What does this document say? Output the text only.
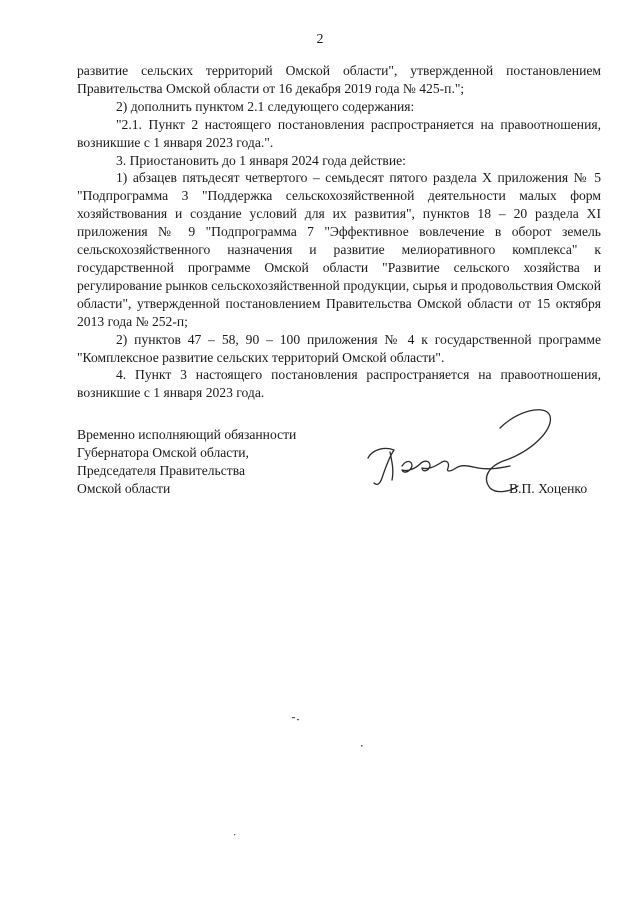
2

развитие сельских территорий Омской области", утвержденной постановлением Правительства Омской области от 16 декабря 2019 года № 425-п.";

2) дополнить пунктом 2.1 следующего содержания:

"2.1. Пункт 2 настоящего постановления распространяется на правоотношения, возникшие с 1 января 2023 года.".

3. Приостановить до 1 января 2024 года действие:

1) абзацев пятьдесят четвертого – семьдесят пятого раздела X приложения № 5 "Подпрограмма 3 "Поддержка сельскохозяйственной деятельности малых форм хозяйствования и создание условий для их развития", пунктов 18 – 20 раздела XI приложения № 9 "Подпрограмма 7 "Эффективное вовлечение в оборот земель сельскохозяйственного назначения и развитие мелиоративного комплекса" к государственной программе Омской области "Развитие сельского хозяйства и регулирование рынков сельскохозяйственной продукции, сырья и продовольствия Омской области", утвержденной постановлением Правительства Омской области от 15 октября 2013 года № 252-п;

2) пунктов 47 – 58, 90 – 100 приложения № 4 к государственной программе "Комплексное развитие сельских территорий Омской области".

4. Пункт 3 настоящего постановления распространяется на правоотношения, возникшие с 1 января 2023 года.

Временно исполняющий обязанности
Губернатора Омской области,
Председателя Правительства
Омской области	В.П. Хоценко
